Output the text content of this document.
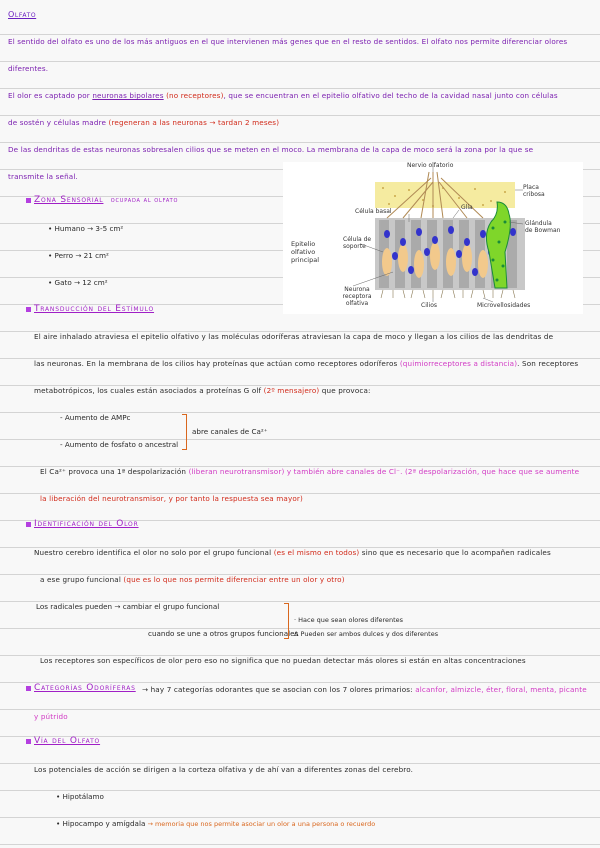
Olfato
El sentido del olfato es uno de los más antiguos en el que intervienen más genes que en el resto de sentidos. El olfato nos permite diferenciar olores
diferentes.
El olor es captado por neuronas bipolares (no receptores), que se encuentran en el epitelio olfativo del techo de la cavidad nasal junto con células
de sostén y células madre (regeneran a las neuronas → tardan 2 meses)
De las dendritas de estas neuronas sobresalen cilios que se meten en el moco. La membrana de la capa de moco será la zona por la que se
transmite la señal.
Zona Sensorial ocupada al olfato
• Humano → 3-5 cm²
• Perro → 21 cm²
• Gato → 12 cm²
Nervio olfatorio
Placa cribosa
Célula basal
Glía
Glándula de Bowman
Epitelio olfativo principal
Célula de soporte
Neurona receptora olfativa	Cilios	Microvellosidades
Transducción del Estímulo
El aire inhalado atraviesa el epitelio olfativo y las moléculas odoríferas atraviesan la capa de moco y llegan a los cilios de las dendritas de
las neuronas. En la membrana de los cilios hay proteínas que actúan como receptores odoríferos (quimiorreceptores a distancia). Son receptores
metabotrópicos, los cuales están asociados a proteínas G olf (2º mensajero) que provoca:
- Aumento de AMPc
- Aumento de fosfato o ancestral
abre canales de Ca²⁺
El Ca²⁺ provoca una 1ª despolarización (liberan neurotransmisor) y también abre canales de Cl⁻. (2ª despolarización, que hace que se aumente
la liberación del neurotransmisor, y por tanto la respuesta sea mayor)
Identificación del Olor
Nuestro cerebro identifica el olor no solo por el grupo funcional (es el mismo en todos) sino que es necesario que lo acompañen radicales
a ese grupo funcional (que es lo que nos permite diferenciar entre un olor y otro)
Los radicales pueden → cambiar el grupo funcional
cuando se une a otros grupos funcionales
· Hace que sean olores diferentes
Δ Pueden ser ambos dulces y dos diferentes
Los receptores son específicos de olor pero eso no significa que no puedan detectar más olores si están en altas concentraciones
Categorías Odoríferas → hay 7 categorías odorantes que se asocian con los 7 olores primarios: alcanfor, almizcle, éter, floral, menta, picante
y pútrido
Vía del Olfato
Los potenciales de acción se dirigen a la corteza olfativa y de ahí van a diferentes zonas del cerebro.
• Hipotálamo
• Hipocampo y amígdala → memoria que nos permite asociar un olor a una persona o recuerdo
